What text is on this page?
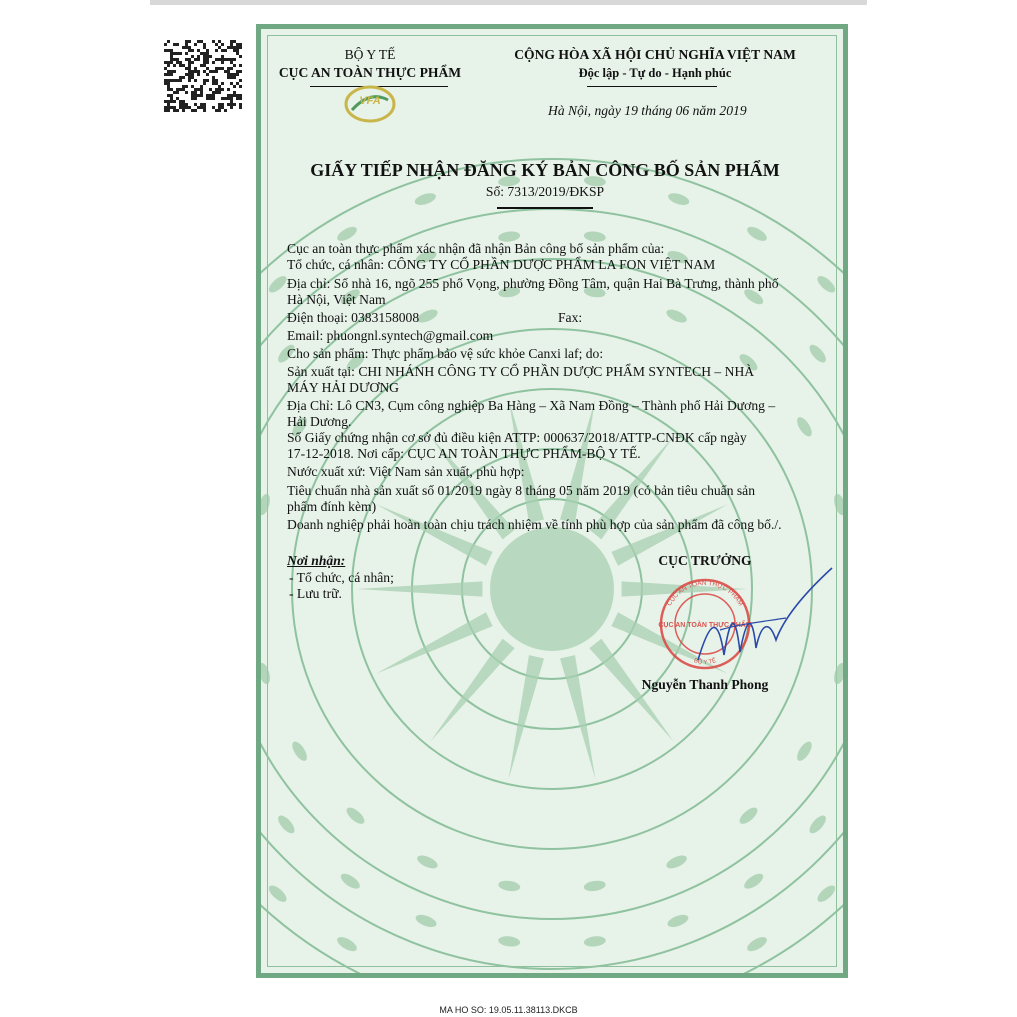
BỘ Y TẾ
CỤC AN TOÀN THỰC PHẨM
VFA
CỘNG HÒA XÃ HỘI CHỦ NGHĨA VIỆT NAM
Độc lập - Tự do - Hạnh phúc
Hà Nội, ngày 19 tháng 06 năm 2019
GIẤY TIẾP NHẬN ĐĂNG KÝ BẢN CÔNG BỐ SẢN PHẨM
Số: 7313/2019/ĐKSP
Cục an toàn thực phẩm xác nhận đã nhận Bản công bố sản phẩm của:
Tổ chức, cá nhân: CÔNG TY CỔ PHẦN DƯỢC PHẨM LA FON VIỆT NAM
Địa chỉ: Số nhà 16, ngõ 255 phố Vọng, phường Đồng Tâm, quận Hai Bà Trưng, thành phố
Hà Nội, Việt Nam
Điện thoại: 0383158008	Fax:
Email: phuongnl.syntech@gmail.com
Cho sản phẩm: Thực phẩm bảo vệ sức khỏe Canxi laf; do:
Sản xuất tại: CHI NHÁNH CÔNG TY CỔ PHẦN DƯỢC PHẨM SYNTECH – NHÀ
MÁY HẢI DƯƠNG
Địa Chỉ: Lô CN3, Cụm công nghiệp Ba Hàng – Xã Nam Đồng – Thành phố Hải Dương –
Hải Dương.
Số Giấy chứng nhận cơ sở đủ điều kiện ATTP: 000637/2018/ATTP-CNĐK cấp ngày
17-12-2018. Nơi cấp: CỤC AN TOÀN THỰC PHẨM-BỘ Y TẾ.
Nước xuất xứ: Việt Nam sản xuất, phù hợp:
Tiêu chuẩn nhà sản xuất số 01/2019 ngày 8 tháng 05 năm 2019 (có bản tiêu chuẩn sản
phẩm đính kèm)
Doanh nghiệp phải hoàn toàn chịu trách nhiệm về tính phù hợp của sản phẩm đã công bố./.
Nơi nhận:
- Tổ chức, cá nhân;
- Lưu trữ.
CỤC TRƯỞNG
CỤC AN TOÀN THỰC PHẨM
BỘ Y TẾ
CỤC AN TOÀN THỰC PHẨM
Nguyễn Thanh Phong
MA HO SO: 19.05.11.38113.DKCB
